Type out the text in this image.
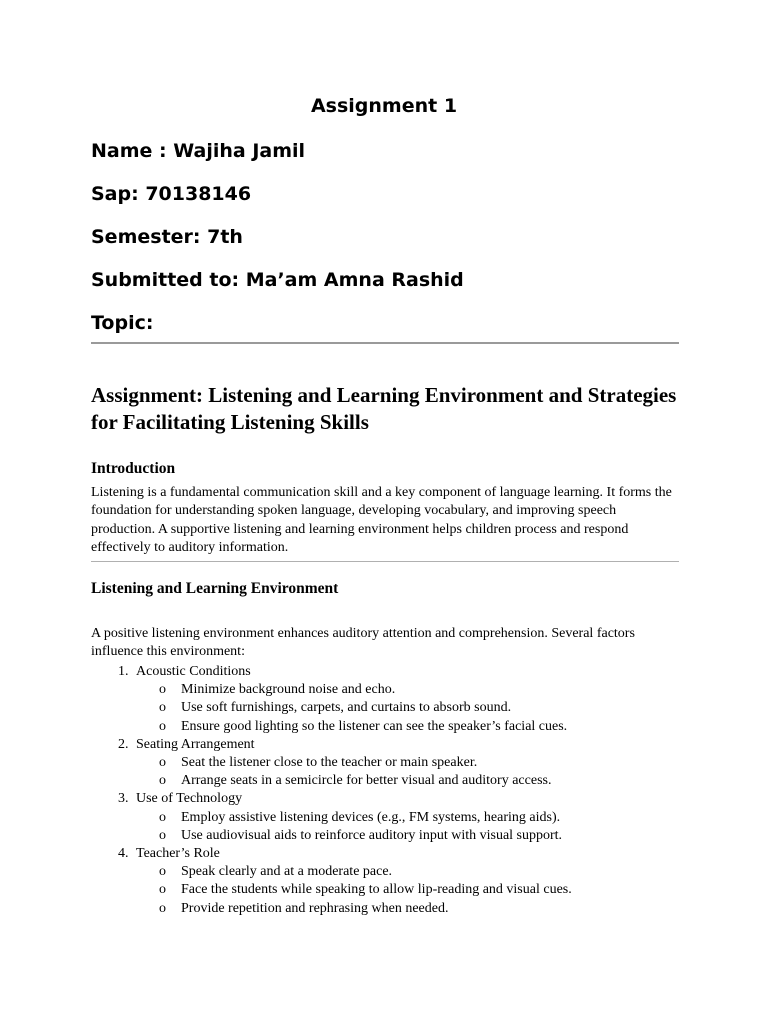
Assignment 1

Name : Wajiha Jamil

Sap: 70138146

Semester: 7th

Submitted to: Ma’am Amna Rashid

Topic:

Assignment: Listening and Learning Environment and Strategies for Facilitating Listening Skills
Introduction

Listening is a fundamental communication skill and a key component of language learning. It forms the foundation for understanding spoken language, developing vocabulary, and improving speech production. A supportive listening and learning environment helps children process and respond effectively to auditory information.

Listening and Learning Environment

A positive listening environment enhances auditory attention and comprehension. Several factors influence this environment:

1. Acoustic Conditions
o	Minimize background noise and echo.
o	Use soft furnishings, carpets, and curtains to absorb sound.
o	Ensure good lighting so the listener can see the speaker’s facial cues.
2. Seating Arrangement
o	Seat the listener close to the teacher or main speaker.
o	Arrange seats in a semicircle for better visual and auditory access.
3. Use of Technology
o	Employ assistive listening devices (e.g., FM systems, hearing aids).
o	Use audiovisual aids to reinforce auditory input with visual support.
4. Teacher’s Role
o	Speak clearly and at a moderate pace.
o	Face the students while speaking to allow lip-reading and visual cues.
o	Provide repetition and rephrasing when needed.
